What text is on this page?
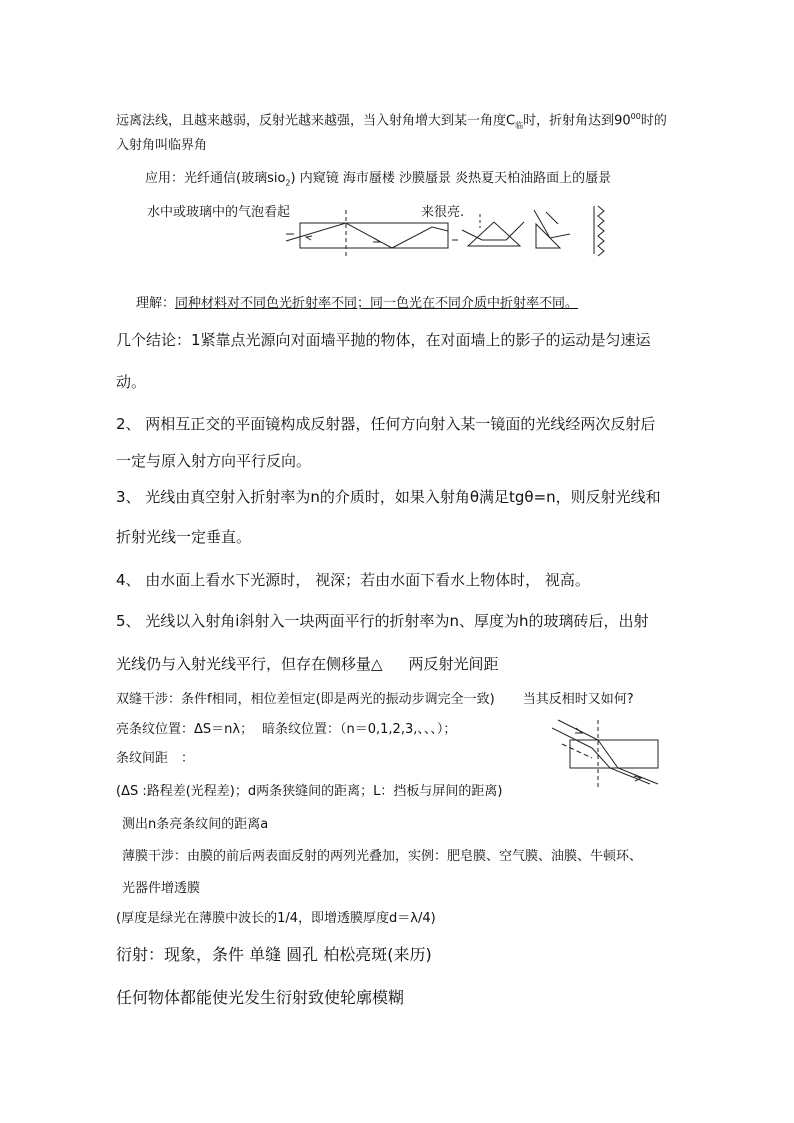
远离法线，且越来越弱，反射光越来越强，当入射角增大到某一角度$C_临$时，折射角达到$90^{00}$时的
入射角叫临界角
应用：光纤通信(玻璃sio$_2$) 内窥镜 海市蜃楼 沙膜蜃景 炎热夏天柏油路面上的蜃景
水中或玻璃中的气泡看起	来很亮.
理解：同种材料对不同色光折射率不同；同一色光在不同介质中折射率不同。
几个结论：1紧靠点光源向对面墙平抛的物体，在对面墙上的影子的运动是匀速运
动。
2、 两相互正交的平面镜构成反射器，任何方向射入某一镜面的光线经两次反射后
一定与原入射方向平行反向。
3、 光线由真空射入折射率为n的介质时，如果入射角θ满足tgθ=n，则反射光线和
折射光线一定垂直。
4、 由水面上看水下光源时， 视深；若由水面下看水上物体时， 视高。
5、 光线以入射角i斜射入一块两面平行的折射率为n、厚度为h的玻璃砖后，出射
光线仍与入射光线平行，但存在侧移量△ 两反射光间距
双缝干涉：条件f相同，相位差恒定(即是两光的振动步调完全一致) 当其反相时又如何?
亮条纹位置：ΔS＝nλ； 暗条纹位置：（n＝0,1,2,3,、、、）；
条纹间距　：
(ΔS :路程差(光程差)；d两条狭缝间的距离；L：挡板与屏间的距离)
测出n条亮条纹间的距离a
薄膜干涉：由膜的前后两表面反射的两列光叠加，实例：肥皂膜、空气膜、油膜、牛顿环、
光器件增透膜
(厚度是绿光在薄膜中波长的1/4，即增透膜厚度d＝λ/4)
衍射：现象，条件 单缝 圆孔 柏松亮斑(来历)
任何物体都能使光发生衍射致使轮廓模糊
